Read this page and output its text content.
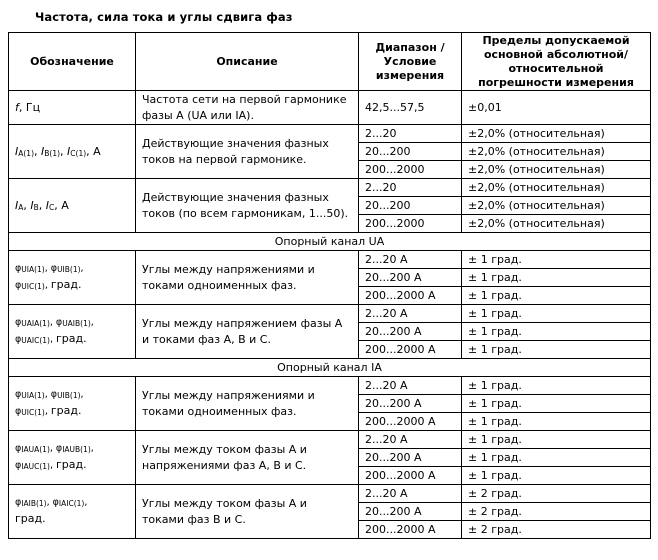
Частота, сила тока и углы сдвига фаз
Обозначение	Описание	Диапазон / Условие измерения	Пределы допускаемой основной абсолютной/ относительной погрешности измерения
f, Гц	Частота сети на первой гармонике фазы A (UA или IA).	42,5...57,5	±0,01
$I_{A(1)}$, $I_{B(1)}$, $I_{C(1)}$, A	Действующие значения фазных токов на первой гармонике.	2...20	±2,0% (относительная)
		20...200	±2,0% (относительная)
		200...2000	±2,0% (относительная)
$I_A$, $I_B$, $I_C$, A	Действующие значения фазных токов (по всем гармоникам, 1...50).	2...20	±2,0% (относительная)
		20...200	±2,0% (относительная)
		200...2000	±2,0% (относительная)
Опорный канал UA			
$\varphi_{UIA(1)}$, $\varphi_{UIB(1)}$,
$\varphi_{UIC(1)}$, град.	Углы между напряжениями и токами одноименных фаз.	2...20 A	± 1 град.
		20...200 A	± 1 град.
		200...2000 A	± 1 град.
$\varphi_{UAIA(1)}$, $\varphi_{UAIB(1)}$,
$\varphi_{UAIC(1)}$, град.	Углы между напряжением фазы A и токами фаз A, B и C.	2...20 A	± 1 град.
		20...200 A	± 1 град.
		200...2000 A	± 1 град.
Опорный канал IA			
$\varphi_{UIA(1)}$, $\varphi_{UIB(1)}$,
$\varphi_{UIC(1)}$, град.	Углы между напряжениями и токами одноименных фаз.	2...20 A	± 1 град.
		20...200 A	± 1 град.
		200...2000 A	± 1 град.
$\varphi_{IAUA(1)}$, $\varphi_{IAUB(1)}$,
$\varphi_{IAUC(1)}$, град.	Углы между током фазы A и напряжениями фаз A, B и C.	2...20 A	± 1 град.
		20...200 A	± 1 град.
		200...2000 A	± 1 град.
$\varphi_{IAIB(1)}$, $\varphi_{IAIC(1)}$,
град.	Углы между током фазы A и токами фаз B и C.	2...20 A	± 2 град.
		20...200 A	± 2 град.
		200...2000 A	± 2 град.
